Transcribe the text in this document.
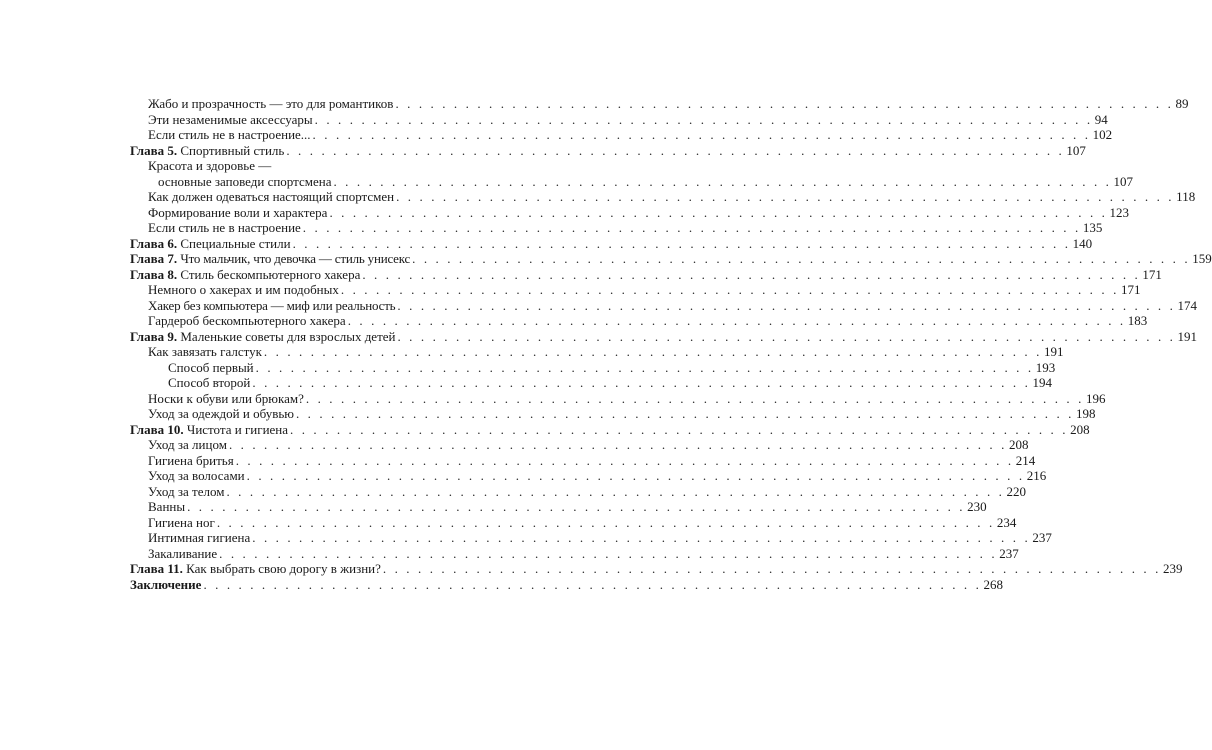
Жабо и прозрачность — это для романтиков . . .	89
Эти незаменимые аксессуары . . .	94
Если стиль не в настроение... . . .	102
Глава 5. Спортивный стиль . . .	107
Красота и здоровье —
основные заповеди спортсмена . . .	107
Как должен одеваться настоящий спортсмен . . .	118
Формирование воли и характера . . .	123
Если стиль не в настроение . . .	135
Глава 6. Специальные стили . . .	140
Глава 7. Что мальчик, что девочка — стиль унисекс . . .	159
Глава 8. Стиль бескомпьютерного хакера . . .	171
Немного о хакерах и им подобных . . .	171
Хакер без компьютера — миф или реальность . . .	174
Гардероб бескомпьютерного хакера . . .	183
Глава 9. Маленькие советы для взрослых детей . . .	191
Как завязать галстук . . .	191
Способ первый . . .	193
Способ второй . . .	194
Носки к обуви или брюкам? . . .	196
Уход за одеждой и обувью . . .	198
Глава 10. Чистота и гигиена . . .	208
Уход за лицом . . .	208
Гигиена бритья . . .	214
Уход за волосами . . .	216
Уход за телом . . .	220
Ванны . . .	230
Гигиена ног . . .	234
Интимная гигиена . . .	237
Закаливание . . .	237
Глава 11. Как выбрать свою дорогу в жизни? . . .	239
Заключение . . .	268
